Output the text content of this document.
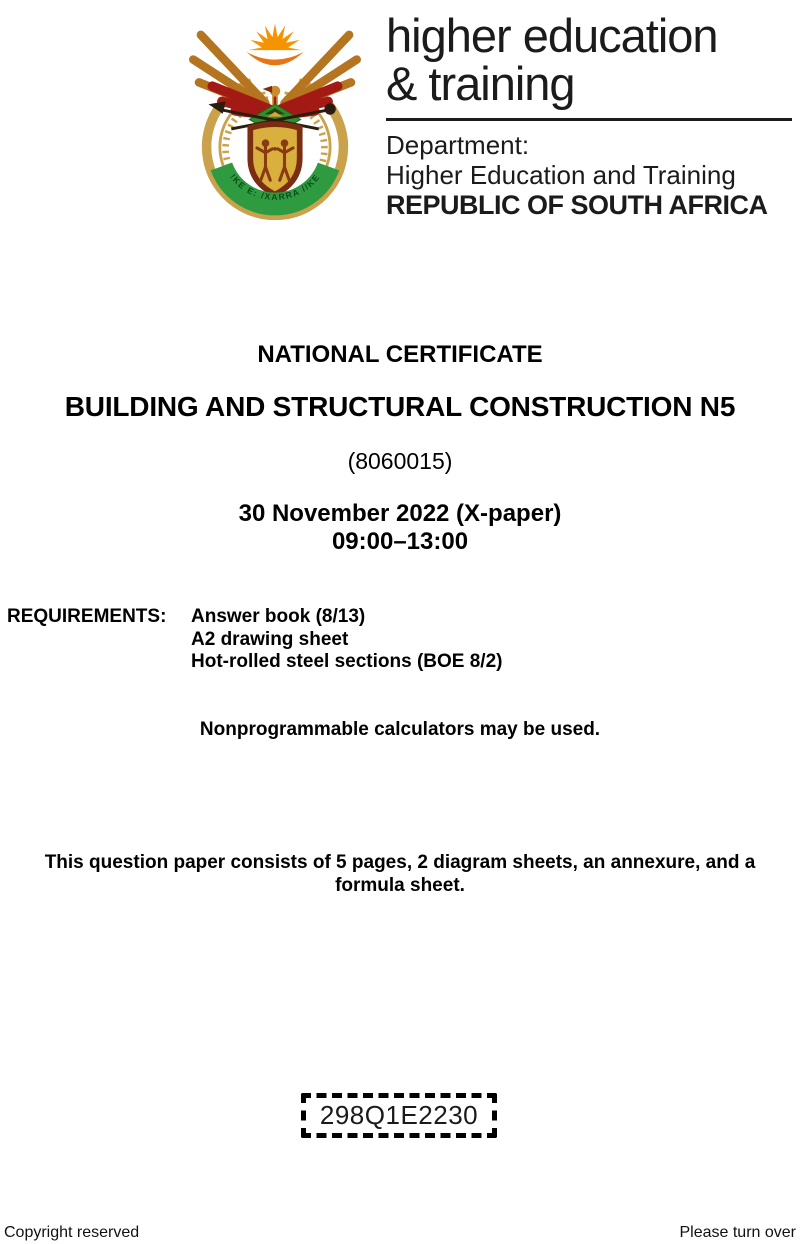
!KE E: /XARRA //KE
higher education
& training
Department:
Higher Education and Training
REPUBLIC OF SOUTH AFRICA
NATIONAL CERTIFICATE
BUILDING AND STRUCTURAL CONSTRUCTION N5
(8060015)
30 November 2022 (X-paper)
09:00–13:00
REQUIREMENTS: Answer book (8/13)
A2 drawing sheet
Hot-rolled steel sections (BOE 8/2)
Nonprogrammable calculators may be used.
This question paper consists of 5 pages, 2 diagram sheets, an annexure, and a
formula sheet.
298Q1E2230
Copyright reserved	Please turn over
